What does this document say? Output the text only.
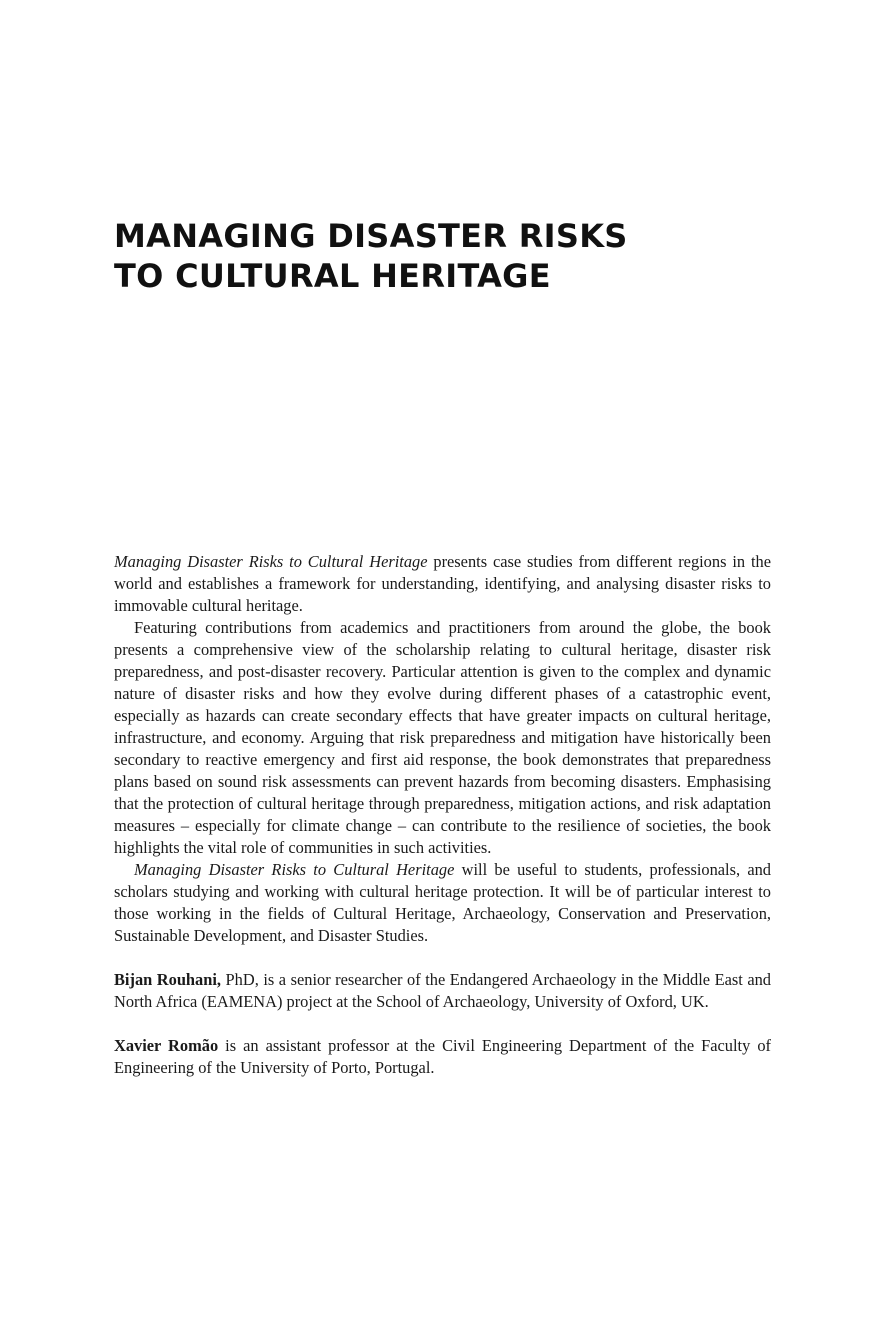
MANAGING DISASTER RISKS
TO CULTURAL HERITAGE

Managing Disaster Risks to Cultural Heritage presents case studies from different regions in the world and establishes a framework for understanding, identifying, and analysing disaster risks to immovable cultural heritage.

Featuring contributions from academics and practitioners from around the globe, the book presents a comprehensive view of the scholarship relating to cultural heritage, disaster risk preparedness, and post-disaster recovery. Particular attention is given to the complex and dynamic nature of disaster risks and how they evolve during different phases of a catastrophic event, especially as hazards can create secondary effects that have greater impacts on cultural heritage, infrastructure, and economy. Arguing that risk preparedness and mitigation have historically been secondary to reactive emergency and first aid response, the book demonstrates that preparedness plans based on sound risk assessments can prevent hazards from becoming disasters. Emphasising that the protection of cultural heritage through preparedness, mitigation actions, and risk adaptation measures – especially for climate change – can contribute to the resilience of societies, the book highlights the vital role of communities in such activities.

Managing Disaster Risks to Cultural Heritage will be useful to students, professionals, and scholars studying and working with cultural heritage protection. It will be of particular interest to those working in the fields of Cultural Heritage, Archaeology, Conservation and Preservation, Sustainable Development, and Disaster Studies.

Bijan Rouhani, PhD, is a senior researcher of the Endangered Archaeology in the Middle East and North Africa (EAMENA) project at the School of Archaeology, University of Oxford, UK.

Xavier Romão is an assistant professor at the Civil Engineering Department of the Faculty of Engineering of the University of Porto, Portugal.
